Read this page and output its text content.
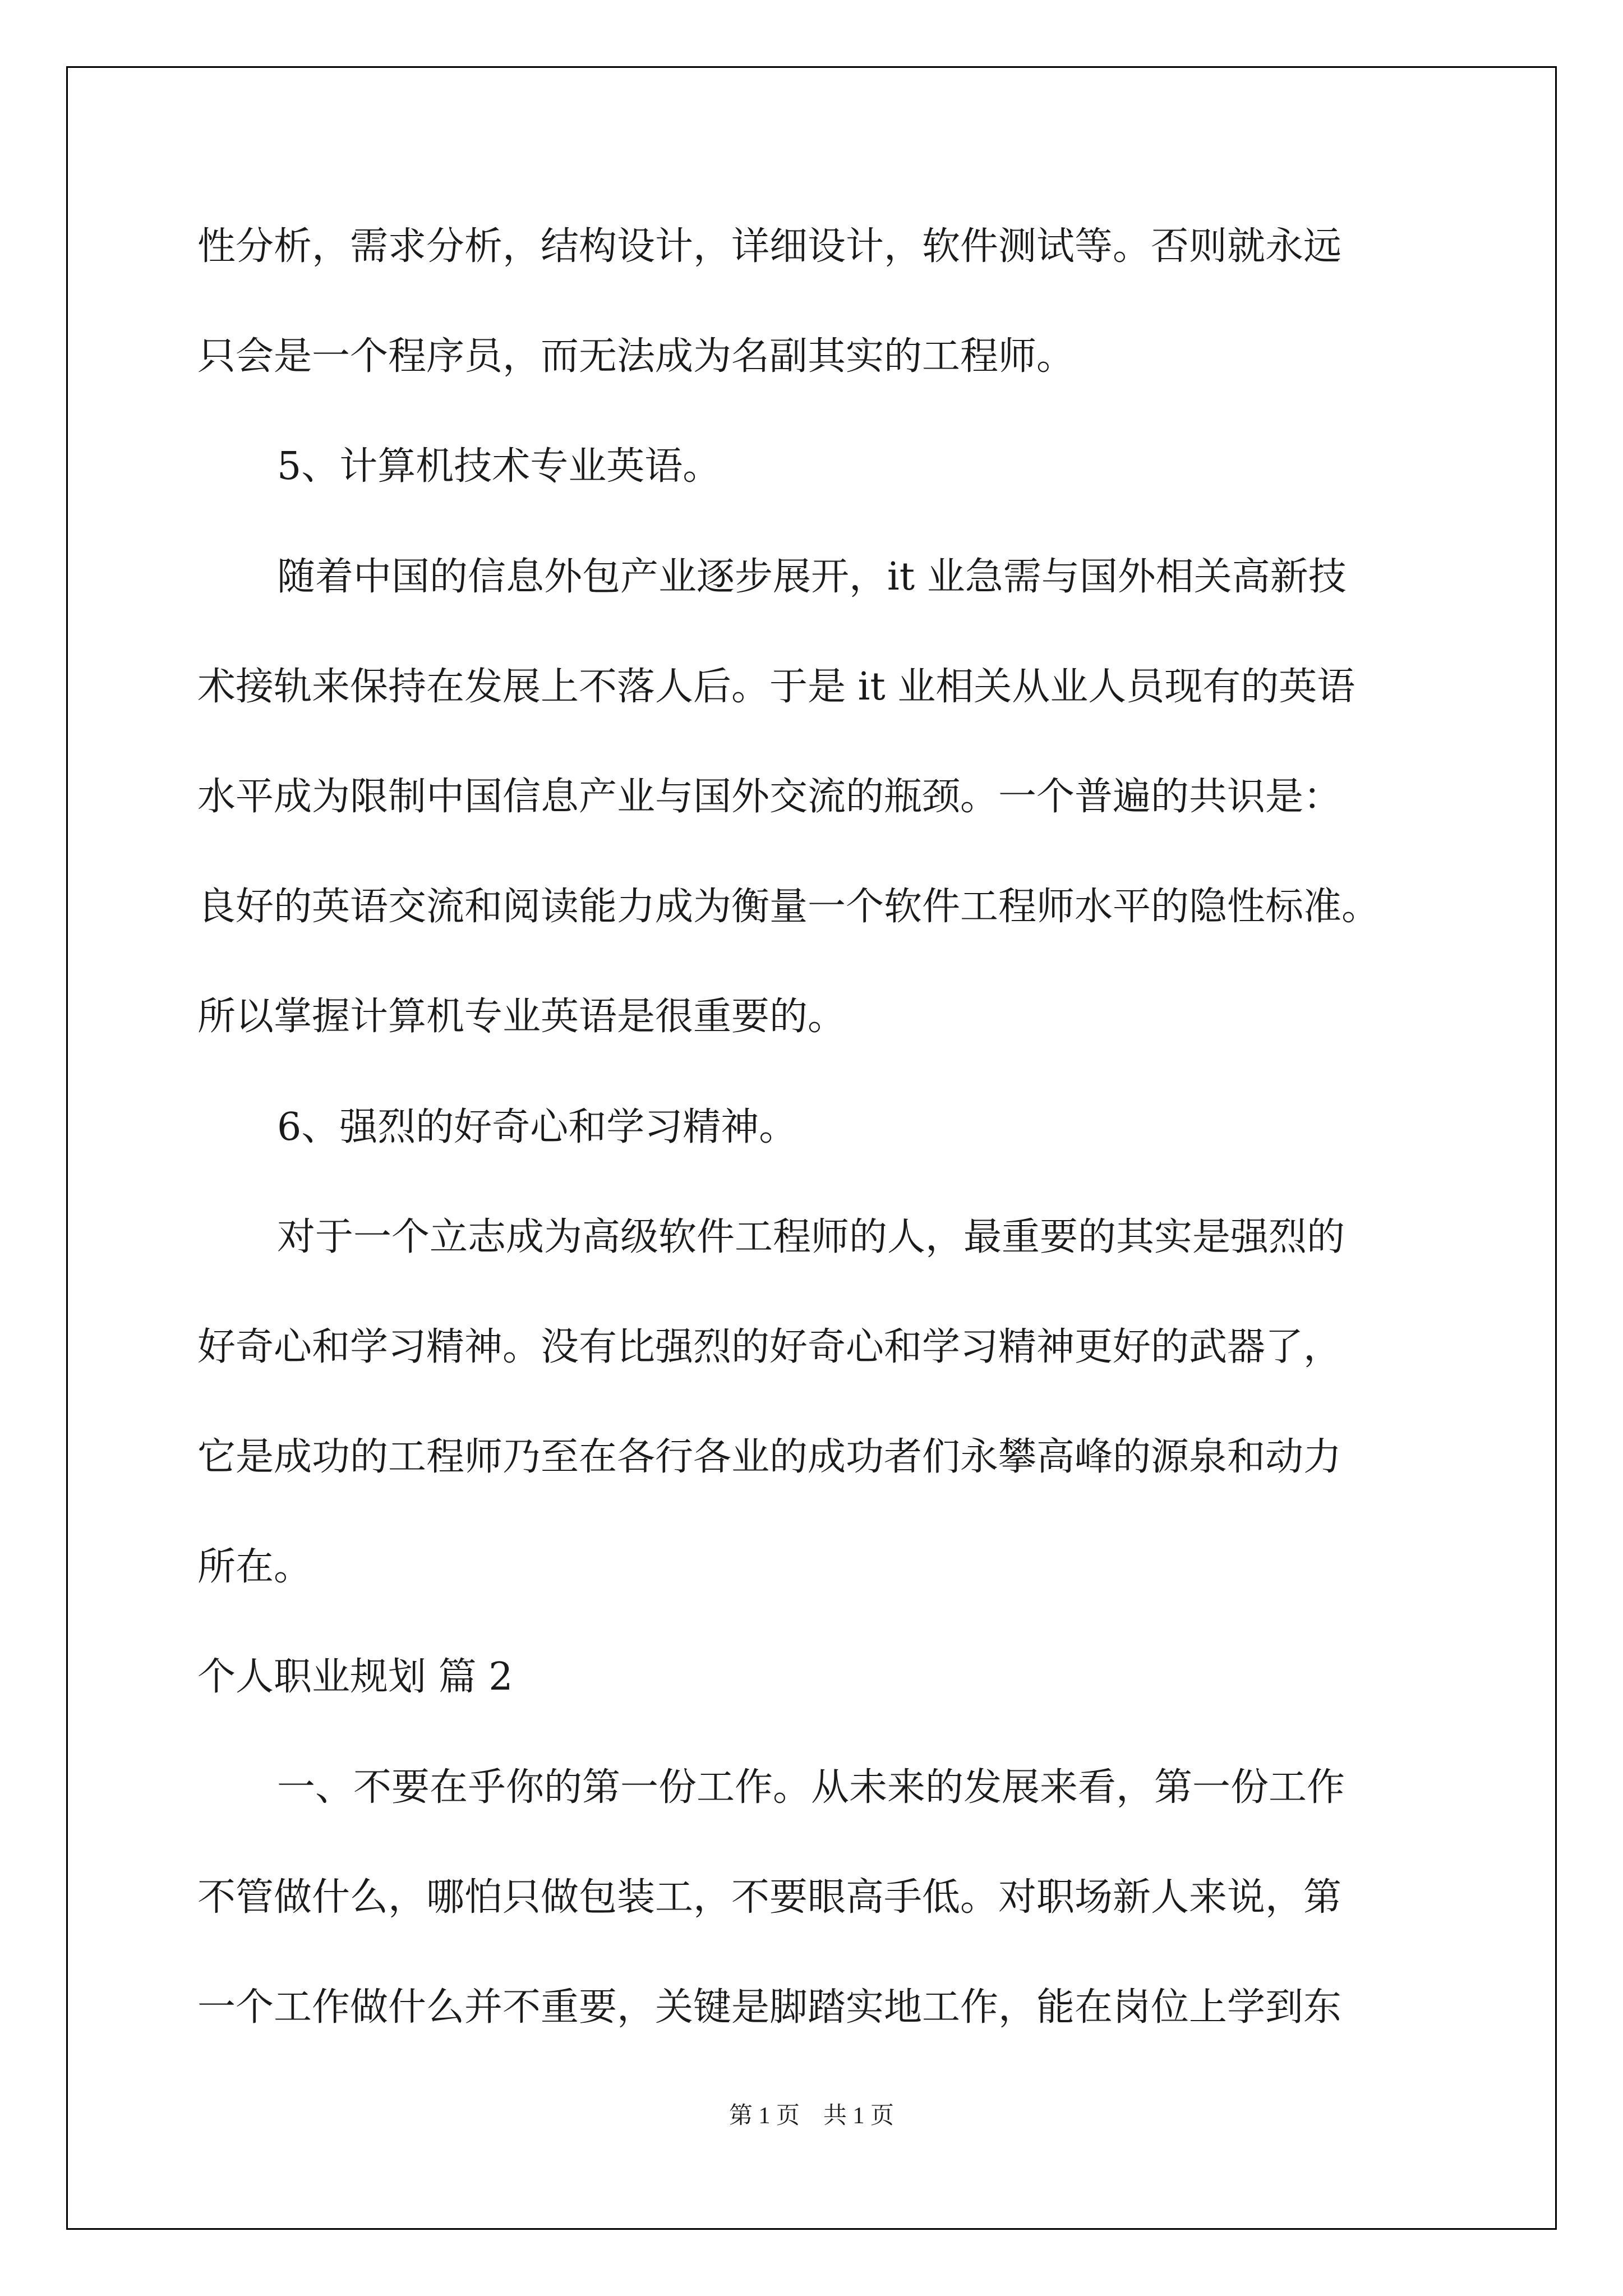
性分析，需求分析，结构设计，详细设计，软件测试等。否则就永远
只会是一个程序员，而无法成为名副其实的工程师。
5、计算机技术专业英语。
随着中国的信息外包产业逐步展开，it 业急需与国外相关高新技
术接轨来保持在发展上不落人后。于是 it 业相关从业人员现有的英语
水平成为限制中国信息产业与国外交流的瓶颈。一个普遍的共识是：
良好的英语交流和阅读能力成为衡量一个软件工程师水平的隐性标准。
所以掌握计算机专业英语是很重要的。
6、强烈的好奇心和学习精神。
对于一个立志成为高级软件工程师的人，最重要的其实是强烈的
好奇心和学习精神。没有比强烈的好奇心和学习精神更好的武器了，
它是成功的工程师乃至在各行各业的成功者们永攀高峰的源泉和动力
所在。
个人职业规划 篇 2
一、不要在乎你的第一份工作。从未来的发展来看，第一份工作
不管做什么，哪怕只做包装工，不要眼高手低。对职场新人来说，第
一个工作做什么并不重要，关键是脚踏实地工作，能在岗位上学到东
第 1 页　共 1 页
